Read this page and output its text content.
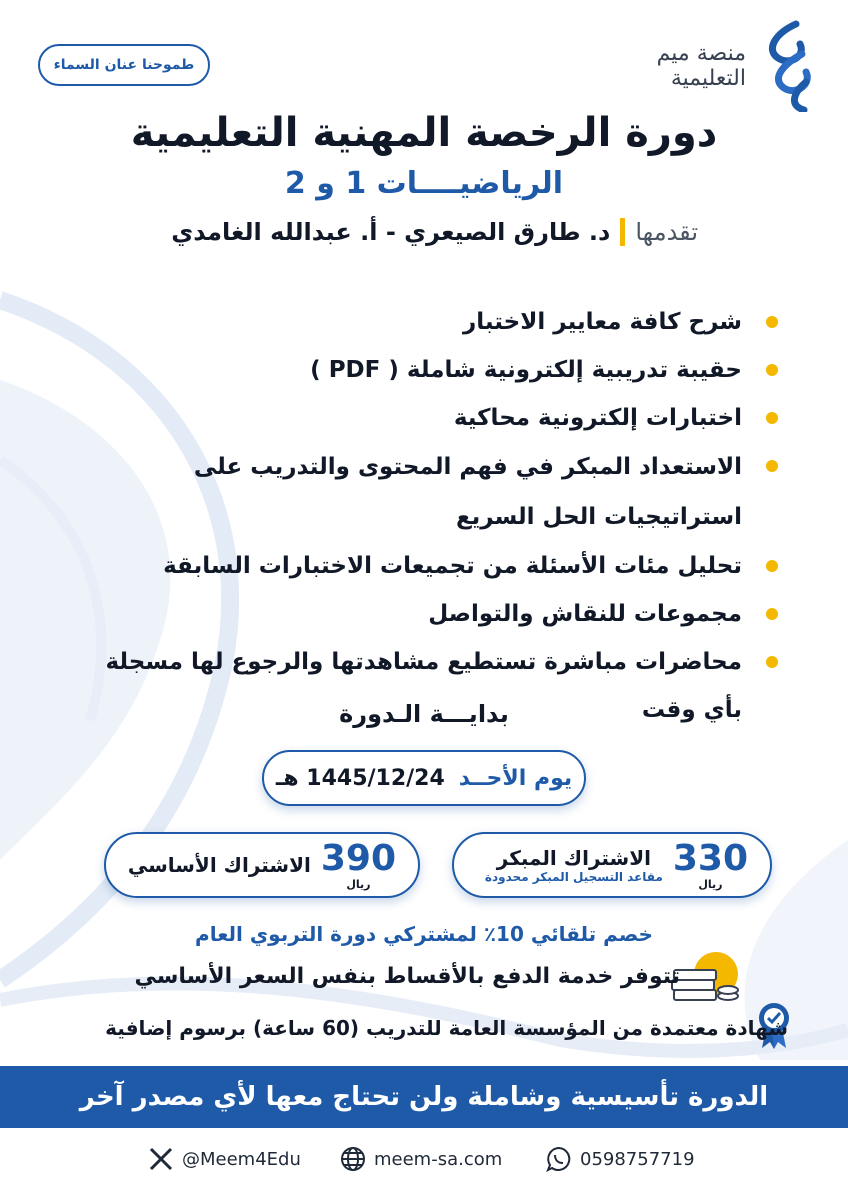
طموحنا عنان السماء	منصة ميم
التعليمية
دورة الرخصة المهنية التعليمية
الرياضيــــات 1 و 2
تقدمها
د. طارق الصيعري - أ. عبدالله الغامدي
شرح كافة معايير الاختبار
حقيبة تدريبية إلكترونية شاملة ( PDF )
اختبارات إلكترونية محاكية
الاستعداد المبكر في فهم المحتوى والتدريب على استراتيجيات الحل السريع
تحليل مئات الأسئلة من تجميعات الاختبارات السابقة
مجموعات للنقاش والتواصل
محاضرات مباشرة تستطيع مشاهدتها والرجوع لها مسجلة بأي وقت
بدايـــة الـدورة
يوم الأحــد
1445/12/24 هـ
330
ريال
الاشتراك المبكر
مقاعد التسجيل المبكر محدودة
390
ريال
الاشتراك الأساسي
خصم تلقائي 10٪ لمشتركي دورة التربوي العام
تتوفر خدمة الدفع بالأقساط بنفس السعر الأساسي
شهادة معتمدة من المؤسسة العامة للتدريب (60 ساعة) برسوم إضافية
الدورة تأسيسية وشاملة ولن تحتاج معها لأي مصدر آخر
@Meem4Edu	meem-sa.com	0598757719
